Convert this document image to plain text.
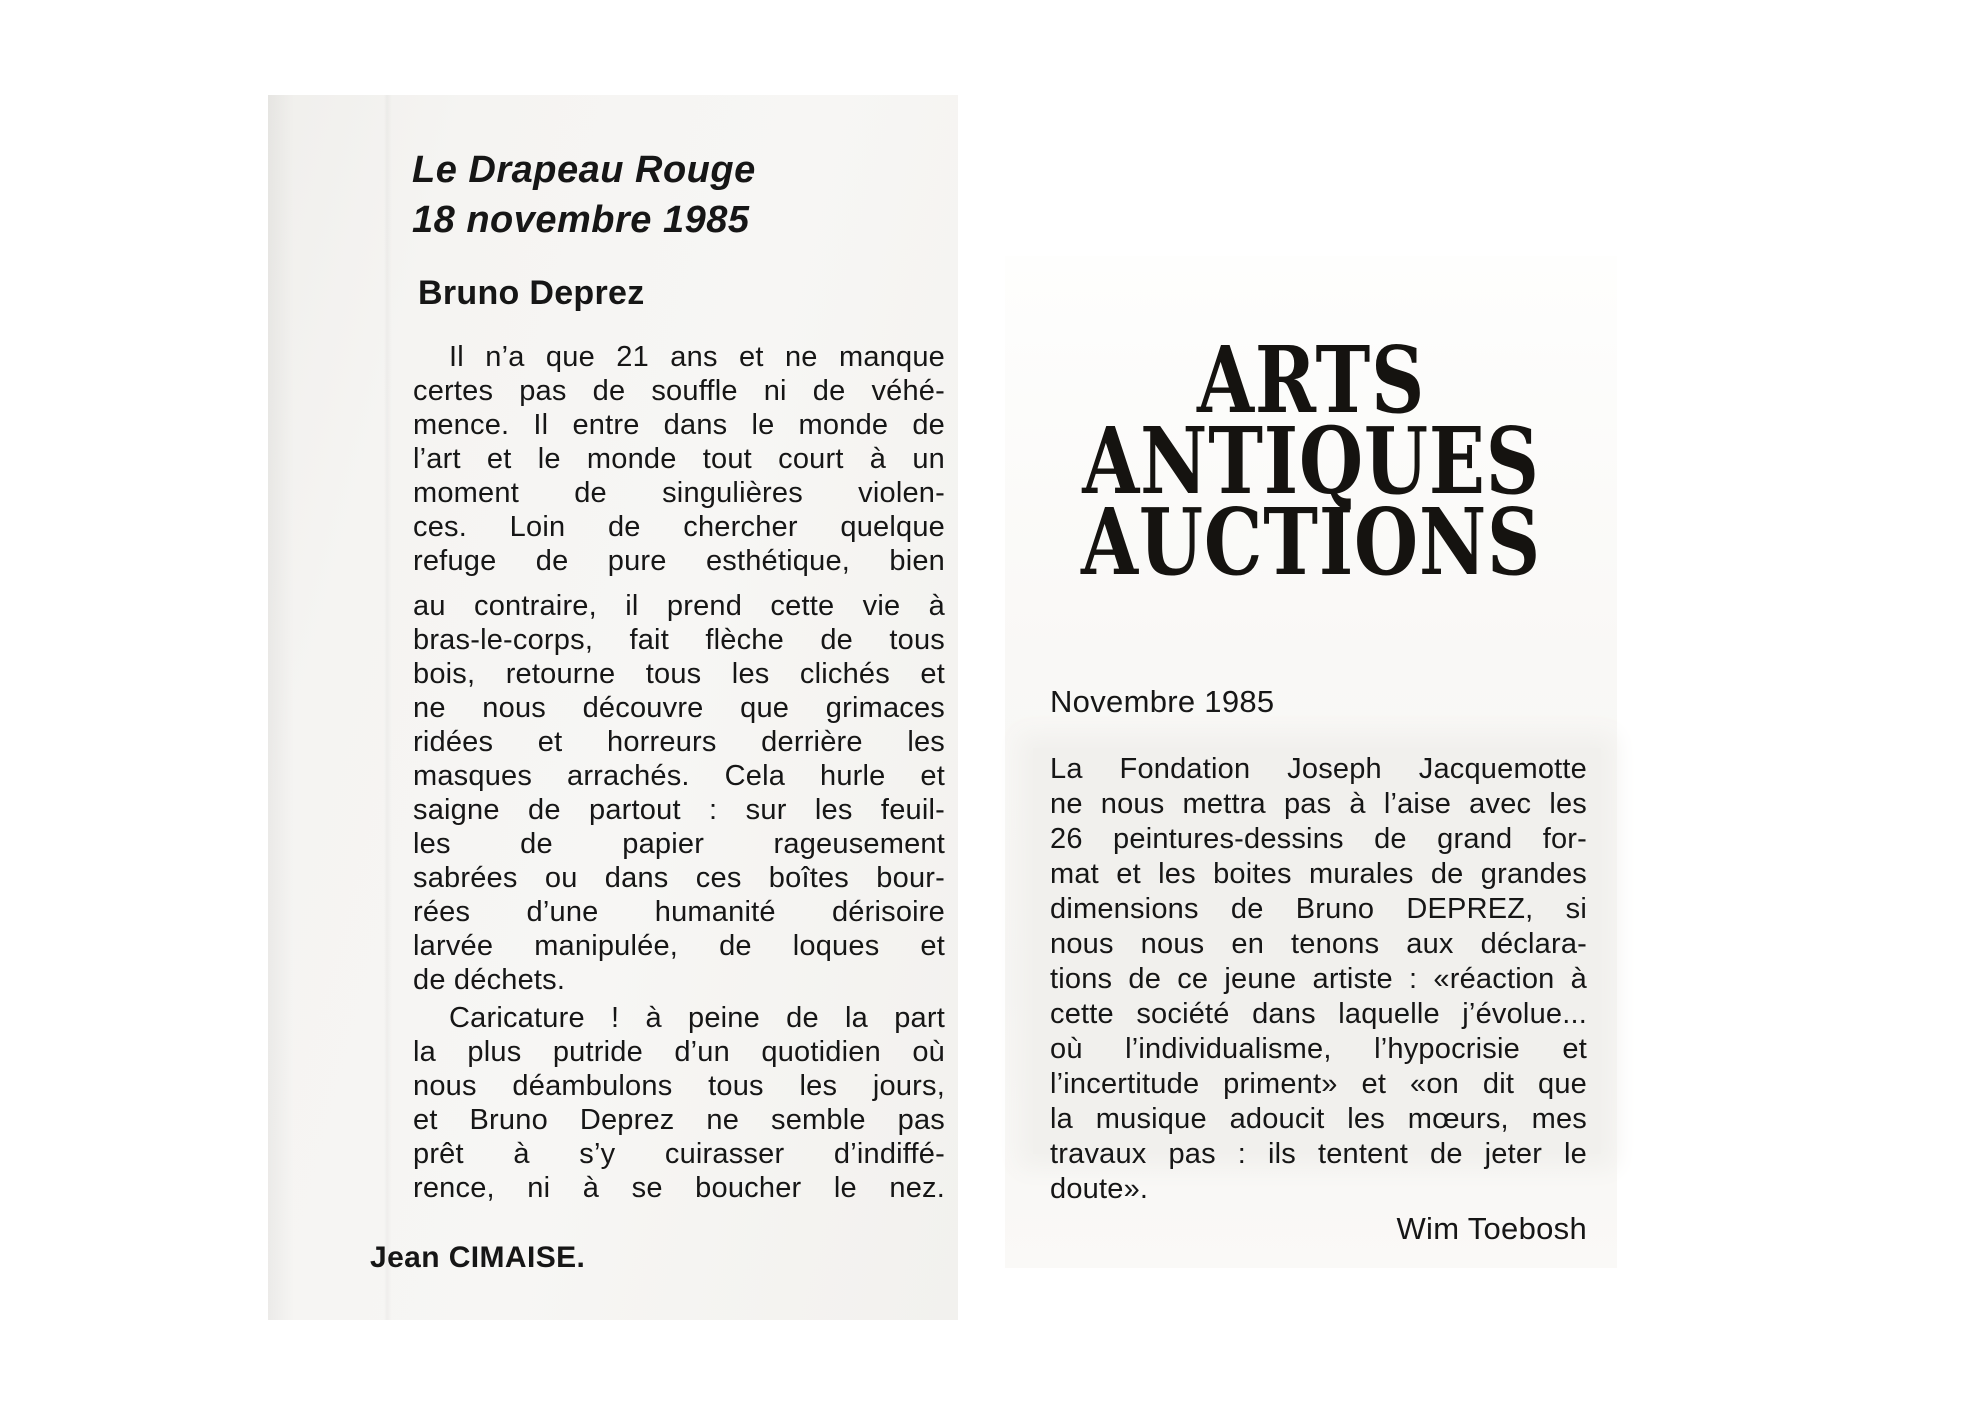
Le Drapeau Rouge
18 novembre 1985
Bruno Deprez
Il n’a que 21 ans et ne manque
certes pas de souffle ni de véhé-
mence. Il entre dans le monde de
l’art et le monde tout court à un
moment de singulières violen-
ces. Loin de chercher quelque
refuge de pure esthétique, bien
au contraire, il prend cette vie à
bras-le-corps, fait flèche de tous
bois, retourne tous les clichés et
ne nous découvre que grimaces
ridées et horreurs derrière les
masques arrachés. Cela hurle et
saigne de partout : sur les feuil-
les de papier rageusement
sabrées ou dans ces boîtes bour-
rées d’une humanité dérisoire
larvée manipulée, de loques et
de déchets.
Caricature ! à peine de la part
la plus putride d’un quotidien où
nous déambulons tous les jours,
et Bruno Deprez ne semble pas
prêt à s’y cuirasser d’indiffé-
rence, ni à se boucher le nez.
Jean CIMAISE.
ARTS
ANTIQUES
AUCTIONS
Novembre 1985
La Fondation Joseph Jacquemotte
ne nous mettra pas à l’aise avec les
26 peintures-dessins de grand for-
mat et les boites murales de grandes
dimensions de Bruno DEPREZ, si
nous nous en tenons aux déclara-
tions de ce jeune artiste : «réaction à
cette société dans laquelle j’évolue...
où l’individualisme, l’hypocrisie et
l’incertitude priment» et «on dit que
la musique adoucit les mœurs, mes
travaux pas : ils tentent de jeter le
doute».
Wim Toebosh
